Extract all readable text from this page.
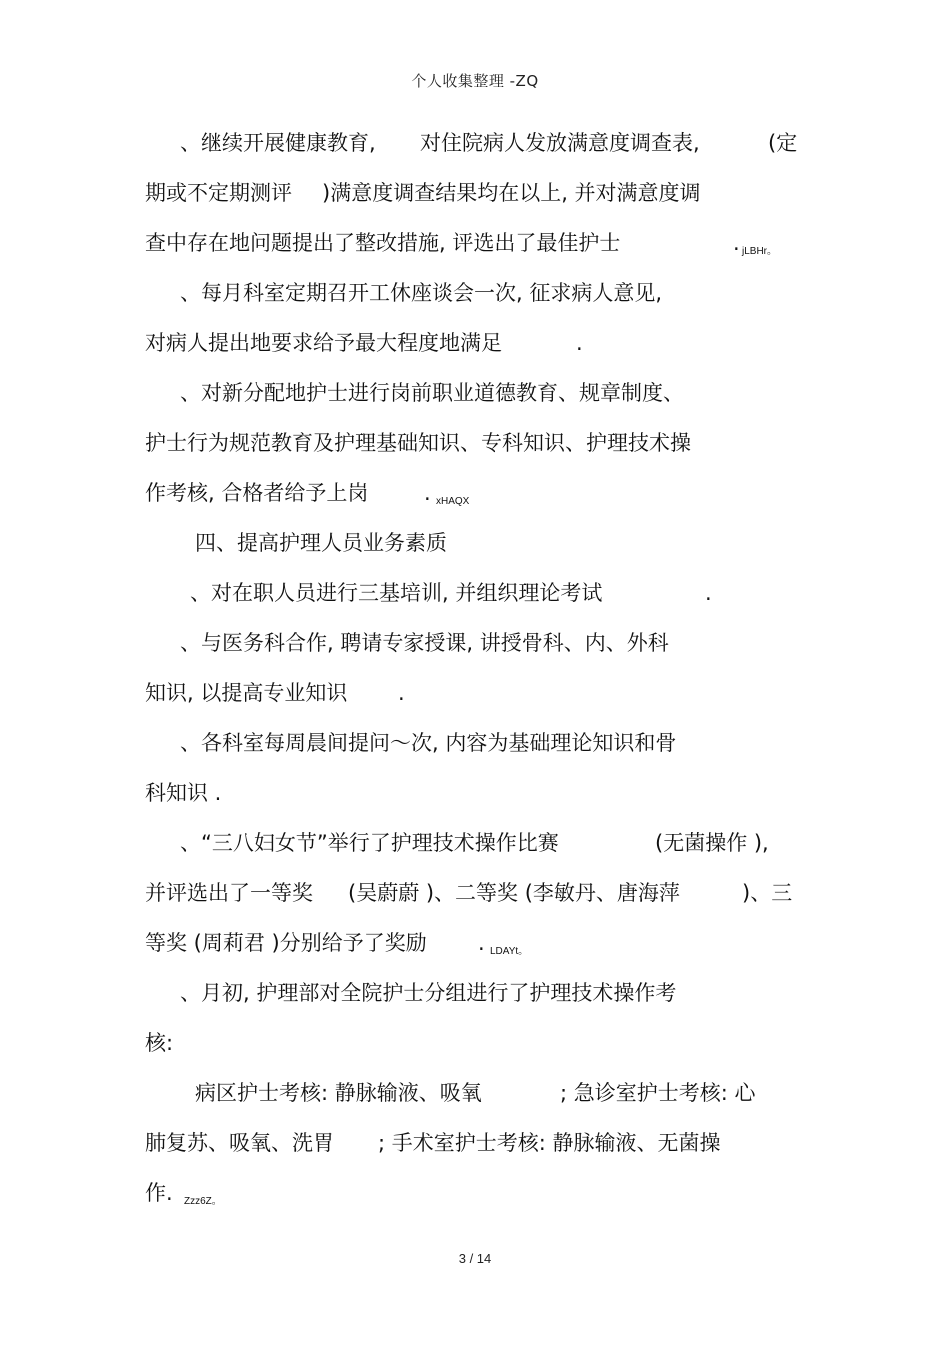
个人收集整理 -ZQ
、继续开展健康教育, 对住院病人发放满意度调查表,	(定
期或不定期测评 )满意度调查结果均在以上, 并对满意度调
查中存在地问题提出了整改措施, 评选出了最佳护士	. jLBHr。
、每月科室定期召开工休座谈会一次, 征求病人意见,
对病人提出地要求给予最大程度地满足	.
、对新分配地护士进行岗前职业道德教育、规章制度、
护士行为规范教育及护理基础知识、专科知识、护理技术操
作考核, 合格者给予上岗	. xHAQX
四、提高护理人员业务素质
、对在职人员进行三基培训, 并组织理论考试	.
、与医务科合作, 聘请专家授课, 讲授骨科、内、外科
知识, 以提高专业知识 .
、各科室每周晨间提问～次, 内容为基础理论知识和骨
科知识 .
、“三八妇女节”举行了护理技术操作比赛	(无菌操作 ),
并评选出了一等奖 (吴蔚蔚 )、二等奖 (李敏丹、唐海萍	)、三
等奖 (周莉君 )分别给予了奖励 . LDAYt。
、月初, 护理部对全院护士分组进行了护理技术操作考
核:
病区护士考核: 静脉输液、吸氧	; 急诊室护士考核: 心
肺复苏、吸氧、洗胃 ; 手术室护士考核: 静脉输液、无菌操
作. Zzz6Z。
3 / 14
